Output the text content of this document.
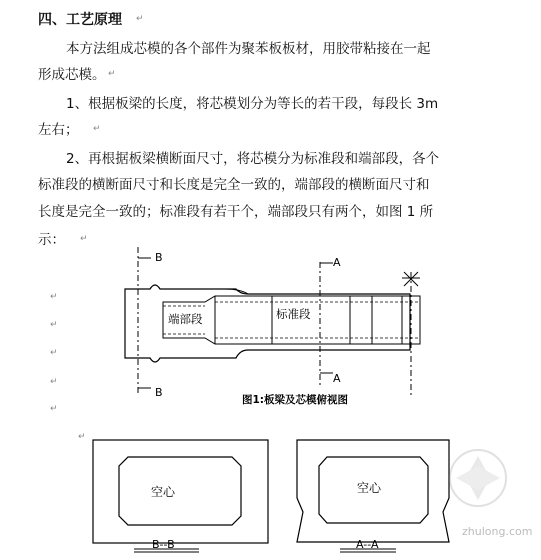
四、工艺原理 ↵
本方法组成芯模的各个部件为聚苯板板材，用胶带粘接在一起
形成芯模。 ↵
1、根据板梁的长度，将芯模划分为等长的若干段，每段长 3m
左右； ↵
2、再根据板梁横断面尺寸，将芯模分为标准段和端部段，各个
标准段的横断面尺寸和长度是完全一致的，端部段的横断面尺寸和
长度是完全一致的；标准段有若干个，端部段只有两个，如图 1 所
示： ↵
↵
↵
↵
↵
↵
↵
B
B
A
A
端部段	标准段
图1:板梁及芯模俯视图
空心
B--B
空心
A--A
zhulong.com
